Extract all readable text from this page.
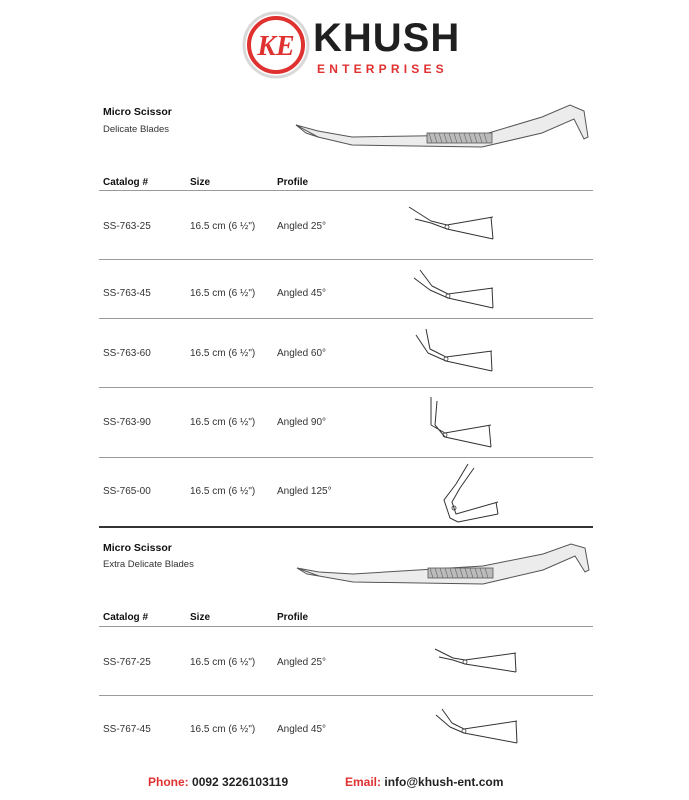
KE KHUSH
ENTERPRISES
Micro Scissor
Delicate Blades
Catalog #	Size	Profile
SS-763-25	16.5 cm (6 ½") Angled 25°
SS-763-45	16.5 cm (6 ½") Angled 45°
SS-763-60	16.5 cm (6 ½") Angled 60°
SS-763-90	16.5 cm (6 ½") Angled 90°
SS-765-00	16.5 cm (6 ½") Angled 125°
Micro Scissor
Extra Delicate Blades
Catalog #	Size	Profile
SS-767-25	16.5 cm (6 ½") Angled 25°
SS-767-45	16.5 cm (6 ½") Angled 45°
Phone: 0092 3226103119	Email: info@khush-ent.com
